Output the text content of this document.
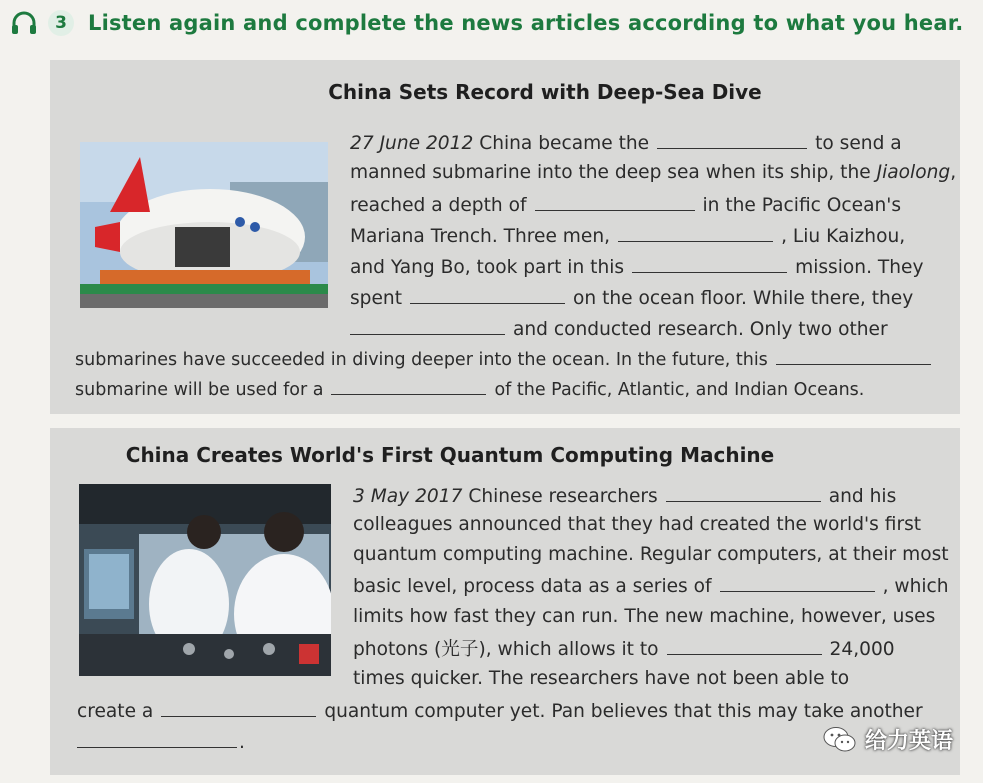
3	Listen again and complete the news articles according to what you hear.
China Sets Record with Deep-Sea Dive
27 June 2012 China became the	to send a
manned submarine into the deep sea when its ship, the Jiaolong,
reached a depth of	in the Pacific Ocean's
Mariana Trench. Three men,	, Liu Kaizhou,
and Yang Bo, took part in this	mission. They
spent	on the ocean floor. While there, they
and conducted research. Only two other
submarines have succeeded in diving deeper into the ocean. In the future, this
submarine will be used for a	of the Pacific, Atlantic, and Indian Oceans.
China Creates World's First Quantum Computing Machine
3 May 2017 Chinese researchers	and his
colleagues announced that they had created the world's first
quantum computing machine. Regular computers, at their most
basic level, process data as a series of	, which
limits how fast they can run. The new machine, however, uses
photons (光子), which allows it to	24,000
times quicker. The researchers have not been able to
create a	quantum computer yet. Pan believes that this may take another
.	给力英语
